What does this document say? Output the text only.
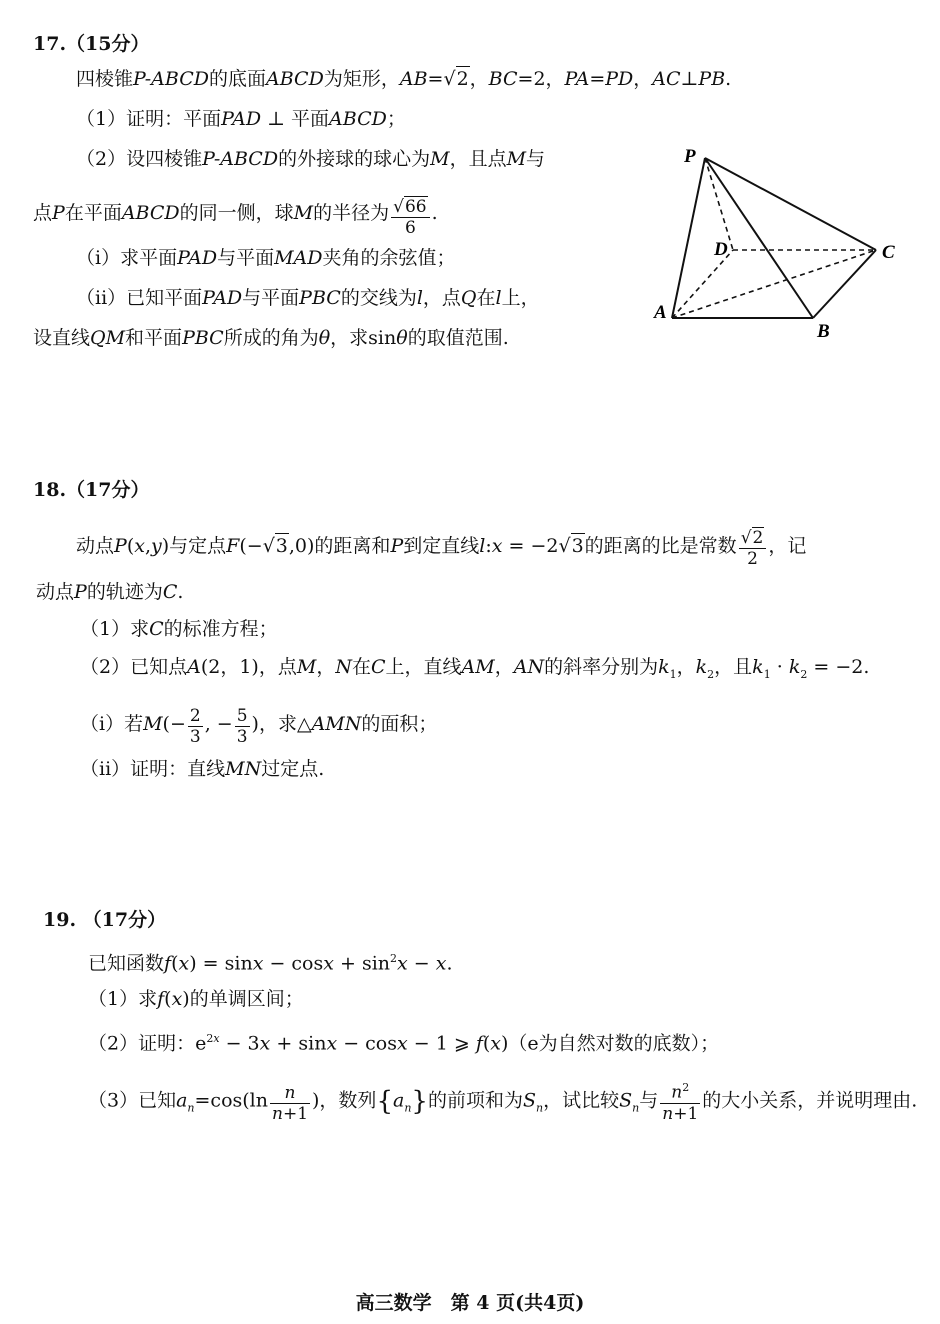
17.（15分）
四棱锥P-ABCD的底面ABCD为矩形，AB=√2，BC=2，PA=PD，AC⊥PB.
（1）证明：平面PAD ⊥ 平面ABCD；
（2）设四棱锥P-ABCD的外接球的球心为M，且点M与
点P在平面ABCD的同一侧，球M的半径为 $\frac{√66}{6}$ .
（i）求平面PAD与平面MAD夹角的余弦值；
（ii）已知平面PAD与平面PBC的交线为l，点Q在l上，
设直线QM和平面PBC所成的角为θ，求sinθ的取值范围.
P
D	C
A
B
18.（17分）
动点P(x,y)与定点F(−√3,0)的距离和P到定直线l:x = −2√3的距离的比是常数 $\frac{√2}{2}$ ，记
动点P的轨迹为C.
（1）求C的标准方程；
（2）已知点A(2，1)，点M，N在C上，直线AM，AN的斜率分别为$k_1$，$k_2$，且$k_1 \cdot k_2 = -2$.
（i）若$M(- \frac{2}{3}$ , − $\frac{5}{3}$ )，求△AMN的面积；
（ii）证明：直线MN过定点.
19. （17分）
已知函数$f(x) = \sin x - \cos x + \sin^2x - x$.
（1）求f(x)的单调区间；
（2）证明：$e^{2x} - 3x + \sin x - \cos x - 1$ ⩾ f(x)（e为自然对数的底数）；
（3）已知$a_n=\cos(\ln \frac{n}{n+1}$ )，数列$\{a_n\}$的前项和为$S_n$，试比较$S_n$与 $\frac{n^2}{n+1}$ 的大小关系，并说明理由.
高三数学　第 4 页(共4页)
